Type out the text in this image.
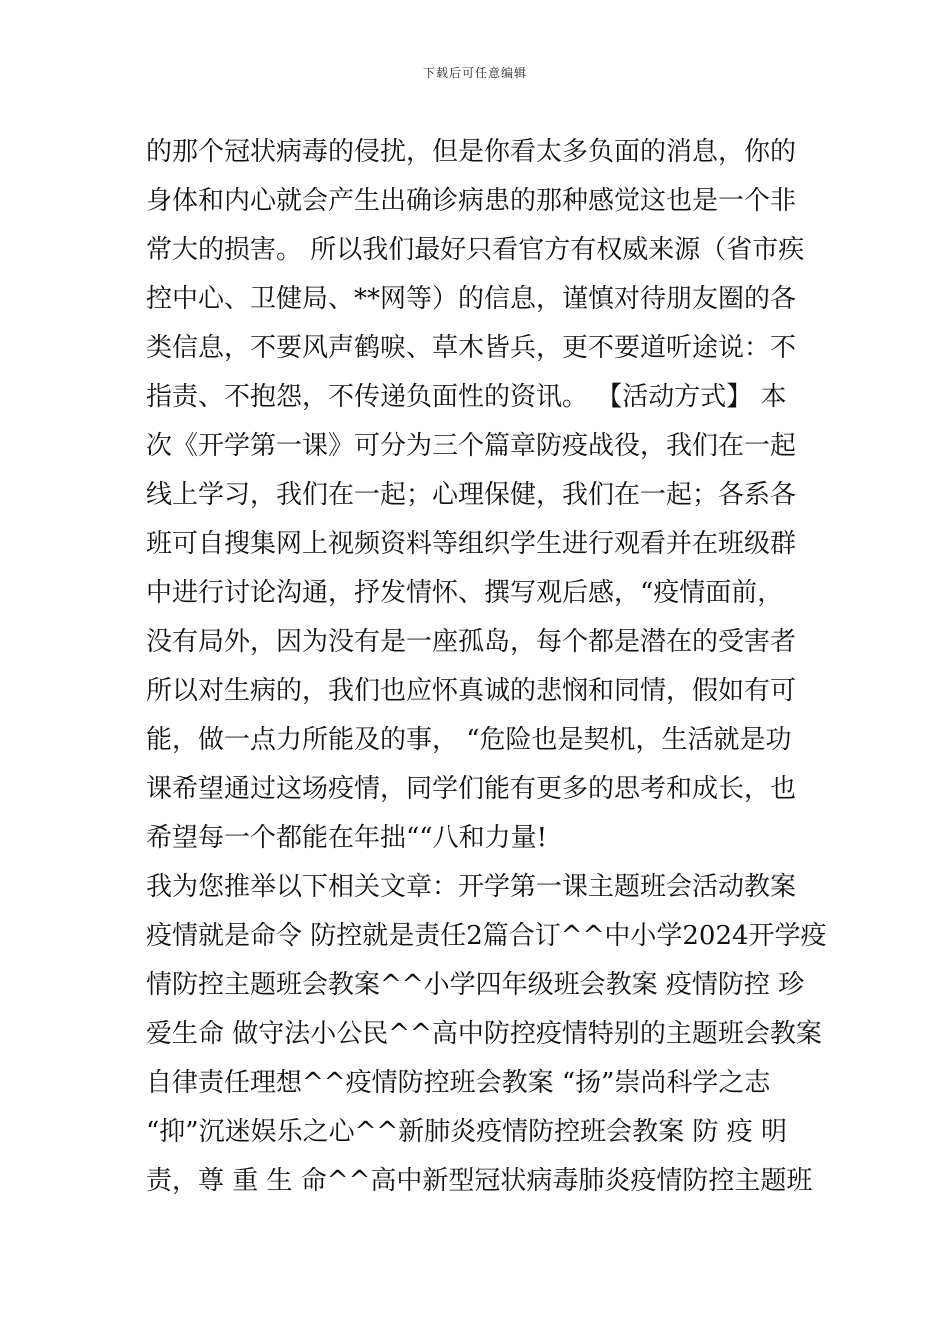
下载后可任意编辑
的那个冠状病毒的侵扰，但是你看太多负面的消息，你的
身体和内心就会产生出确诊病患的那种感觉这也是一个非
常大的损害。 所以我们最好只看官方有权威来源（省市疾
控中心、卫健局、**网等）的信息，谨慎对待朋友圈的各
类信息，不要风声鹤唳、草木皆兵，更不要道听途说：不
指责、不抱怨，不传递负面性的资讯。 【活动方式】 本
次《开学第一课》可分为三个篇章防疫战役，我们在一起
线上学习，我们在一起；心理保健，我们在一起；各系各
班可自搜集网上视频资料等组织学生进行观看并在班级群
中进行讨论沟通，抒发情怀、撰写观后感，“疫情面前，
没有局外，因为没有是一座孤岛，每个都是潜在的受害者
所以对生病的，我们也应怀真诚的悲悯和同情，假如有可
能，做一点力所能及的事， “危险也是契机，生活就是功
课希望通过这场疫情，同学们能有更多的思考和成长，也
希望每一个都能在年拙““八和力量!
我为您推举以下相关文章：开学第一课主题班会活动教案
疫情就是命令 防控就是责任2篇合订^^中小学2024开学疫
情防控主题班会教案^^小学四年级班会教案 疫情防控 珍
爱生命 做守法小公民^^高中防控疫情特别的主题班会教案
自律责任理想^^疫情防控班会教案 “扬”崇尚科学之志
“抑”沉迷娱乐之心^^新肺炎疫情防控班会教案 防 疫 明
责，尊 重 生 命^^高中新型冠状病毒肺炎疫情防控主题班
